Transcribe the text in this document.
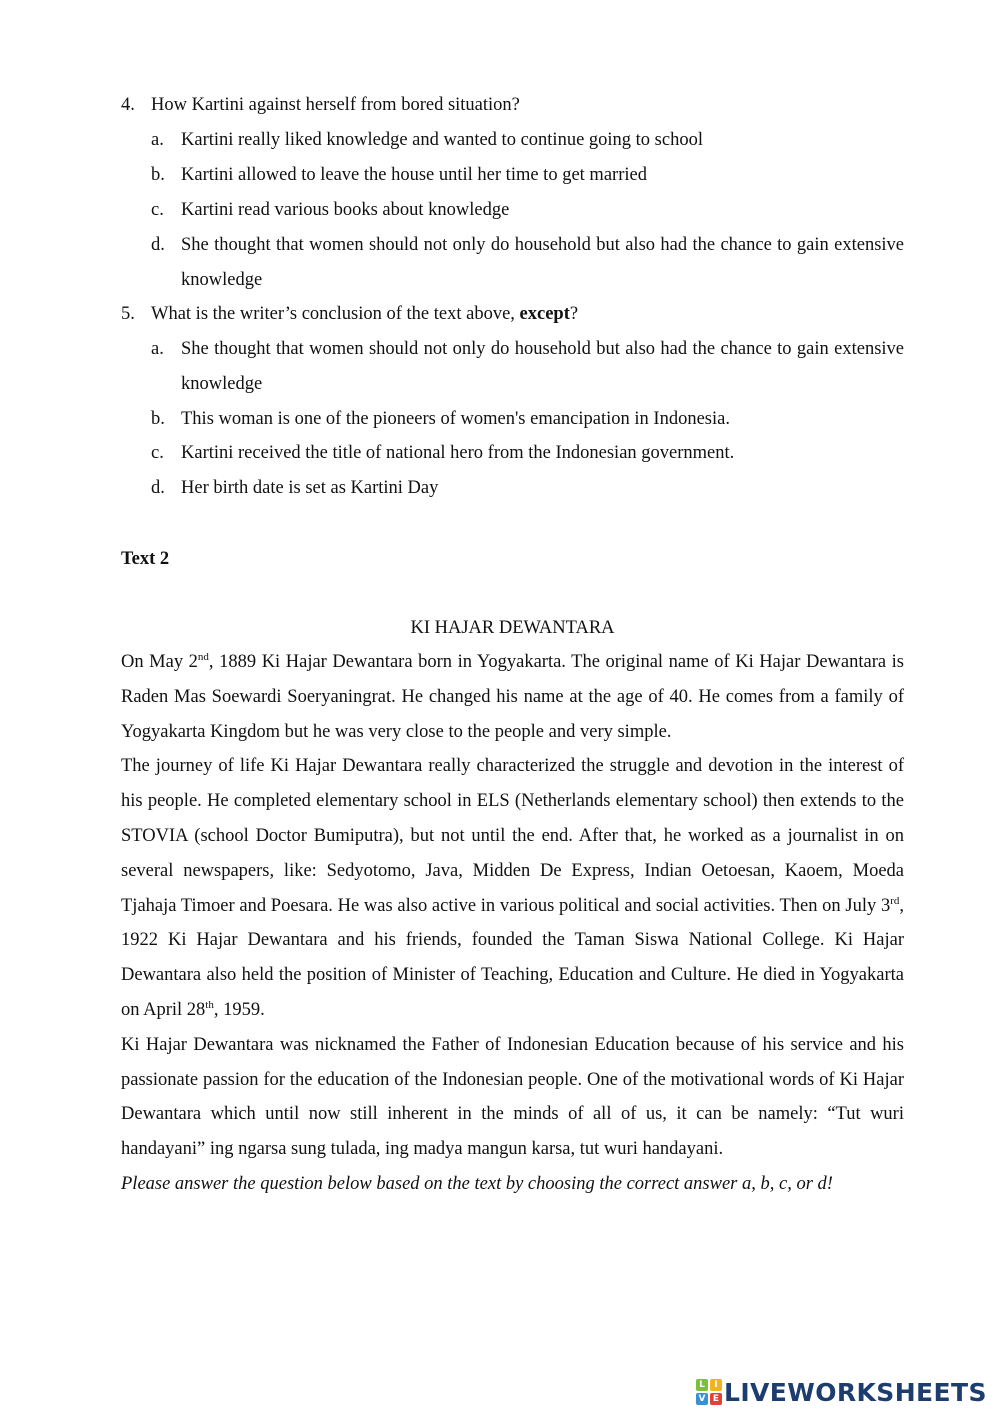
4. How Kartini against herself from bored situation?
a. Kartini really liked knowledge and wanted to continue going to school
b. Kartini allowed to leave the house until her time to get married
c. Kartini read various books about knowledge
d. She thought that women should not only do household but also had the chance to gain extensive knowledge
5. What is the writer’s conclusion of the text above, except?
a. She thought that women should not only do household but also had the chance to gain extensive knowledge
b. This woman is one of the pioneers of women's emancipation in Indonesia.
c. Kartini received the title of national hero from the Indonesian government.
d. Her birth date is set as Kartini Day
Text 2
KI HAJAR DEWANTARA

On May 2nd, 1889 Ki Hajar Dewantara born in Yogyakarta. The original name of Ki Hajar Dewantara is Raden Mas Soewardi Soeryaningrat. He changed his name at the age of 40. He comes from a family of Yogyakarta Kingdom but he was very close to the people and very simple.

The journey of life Ki Hajar Dewantara really characterized the struggle and devotion in the interest of his people. He completed elementary school in ELS (Netherlands elementary school) then extends to the STOVIA (school Doctor Bumiputra), but not until the end. After that, he worked as a journalist in on several newspapers, like: Sedyotomo, Java, Midden De Express, Indian Oetoesan, Kaoem, Moeda Tjahaja Timoer and Poesara. He was also active in various political and social activities. Then on July 3rd, 1922 Ki Hajar Dewantara and his friends, founded the Taman Siswa National College. Ki Hajar Dewantara also held the position of Minister of Teaching, Education and Culture. He died in Yogyakarta on April 28th, 1959.

Ki Hajar Dewantara was nicknamed the Father of Indonesian Education because of his service and his passionate passion for the education of the Indonesian people. One of the motivational words of Ki Hajar Dewantara which until now still inherent in the minds of all of us, it can be namely: “Tut wuri handayani” ing ngarsa sung tulada, ing madya mangun karsa, tut wuri handayani.

Please answer the question below based on the text by choosing the correct answer a, b, c, or d!

L	I
V E LIVEWORKSHEETS
